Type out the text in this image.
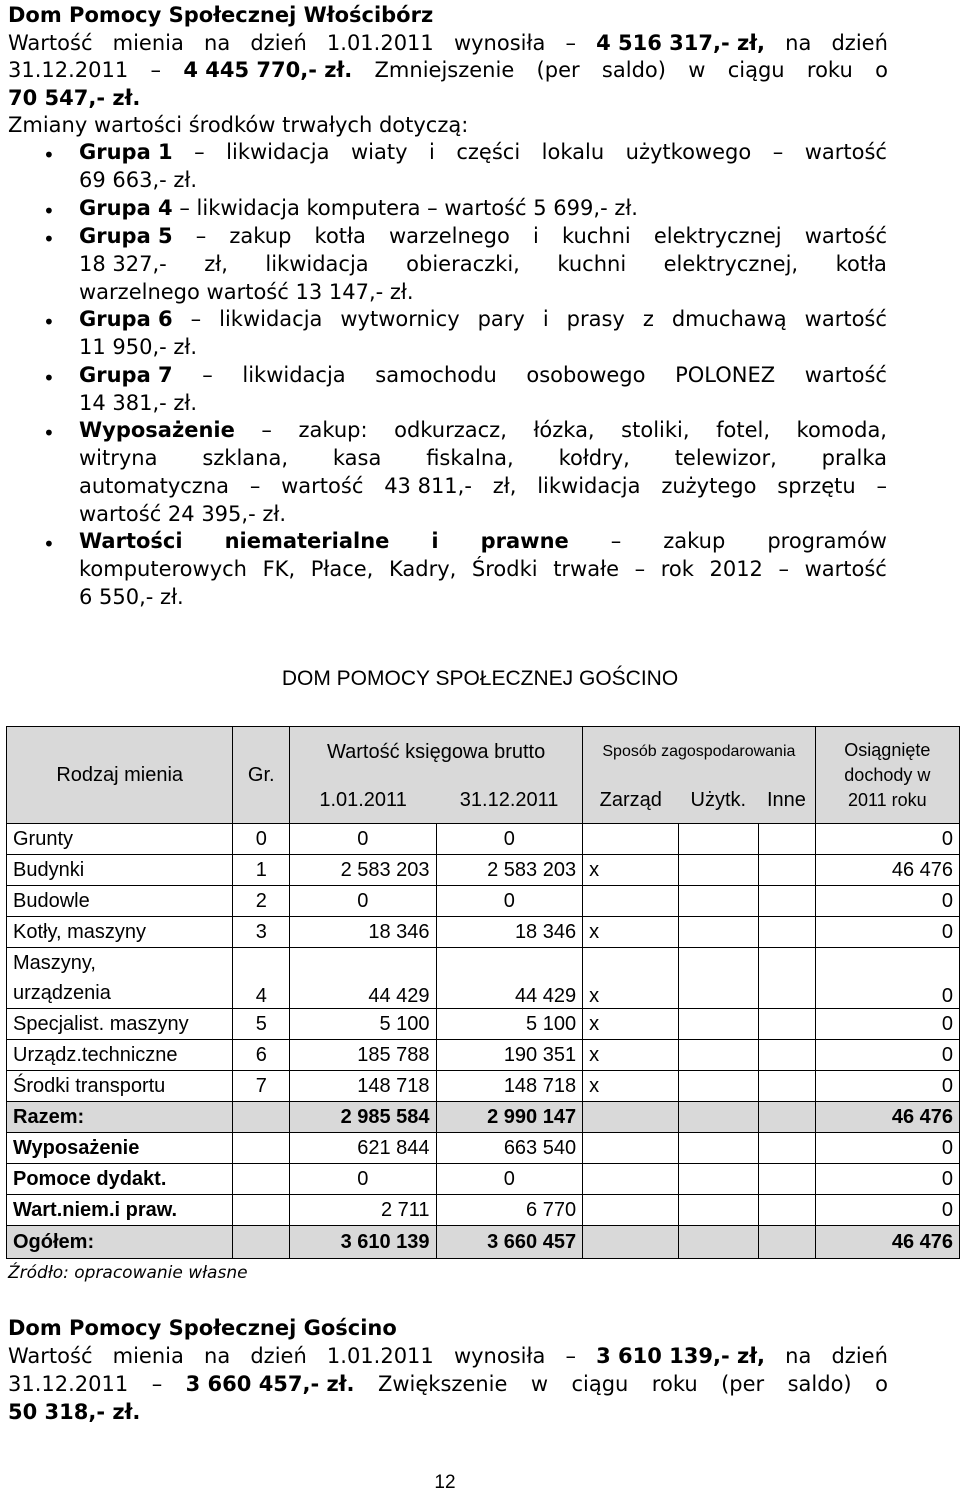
Dom Pomocy Społecznej Włościbórz
Wartość mienia na dzień 1.01.2011 wynosiła – 4 516 317,- zł, na dzień
31.12.2011 – 4 445 770,- zł. Zmniejszenie (per saldo) w ciągu roku o
70 547,- zł.
Zmiany wartości środków trwałych dotyczą:
• Grupa 1 – likwidacja wiaty i części lokalu użytkowego – wartość
69 663,- zł.
• Grupa 4 – likwidacja komputera – wartość 5 699,- zł.
• Grupa 5 – zakup kotła warzelnego i kuchni elektrycznej wartość
18 327,- zł, likwidacja obieraczki, kuchni elektrycznej, kotła
warzelnego wartość 13 147,- zł.
• Grupa 6 – likwidacja wytwornicy pary i prasy z dmuchawą wartość
11 950,- zł.
• Grupa 7 – likwidacja samochodu osobowego POLONEZ wartość
14 381,- zł.
• Wyposażenie – zakup: odkurzacz, łózka, stoliki, fotel, komoda,
witryna szklana, kasa fiskalna, kołdry, telewizor, pralka
automatyczna – wartość 43 811,- zł, likwidacja zużytego sprzętu –
wartość 24 395,- zł.
• Wartości niematerialne i prawne – zakup programów
komputerowych FK, Płace, Kadry, Środki trwałe – rok 2012 – wartość
6 550,- zł.
DOM POMOCY SPOŁECZNEJ GOŚCINO
Rodzaj mienia	Gr.	Wartość księgowa brutto		Sposób zagospodarowania			Osiągnięte
dochody w
2011 roku

		1.01.2011	31.12.2011	Zarząd	Użytk.	Inne	
Grunty	0	0	0				0
Budynki	1	2 583 203	2 583 203	x			46 476
Budowle	2	0	0				0
Kotły, maszyny	3	18 346	18 346	x			0

Maszyny,
urządzenia	4	44 429	44 429	x			0
Specjalist. maszyny	5	5 100	5 100	x			0
Urządz.techniczne	6	185 788	190 351	x			0
Środki transportu	7	148 718	148 718	x			0
Razem:		2 985 584	2 990 147				46 476
Wyposażenie		621 844	663 540				0
Pomoce dydakt.		0	0				0
Wart.niem.i praw.		2 711	6 770				0
Ogółem:		3 610 139	3 660 457				46 476
Źródło: opracowanie własne
Dom Pomocy Społecznej Gościno
Wartość mienia na dzień 1.01.2011 wynosiła – 3 610 139,- zł, na dzień
31.12.2011 – 3 660 457,- zł. Zwiększenie w ciągu roku (per saldo) o
50 318,- zł.
12
